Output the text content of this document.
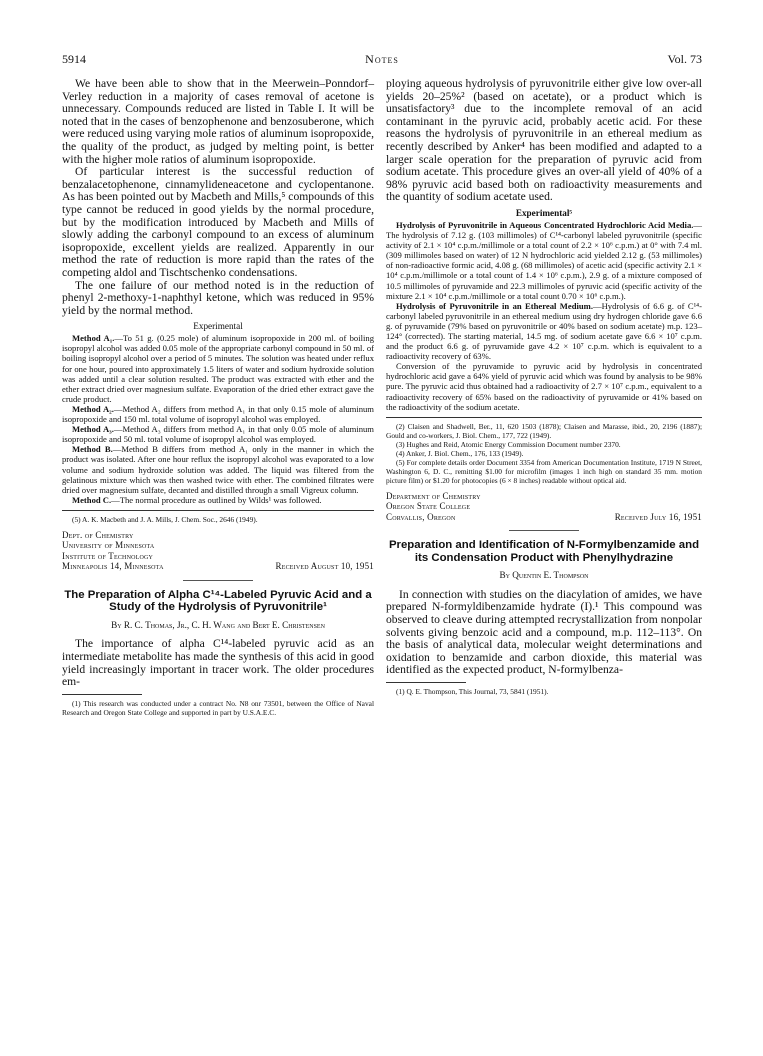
5914	Notes	Vol. 73

We have been able to show that in the Meerwein–Ponndorf–Verley reduction in a majority of cases removal of acetone is unnecessary. Compounds reduced are listed in Table I. It will be noted that in the cases of benzophenone and benzosuberone, which were reduced using varying mole ratios of aluminum isopropoxide, the quality of the product, as judged by melting point, is better with the higher mole ratios of aluminum isopropoxide.

Of particular interest is the successful reduction of benzalacetophenone, cinnamylideneacetone and cyclopentanone. As has been pointed out by Macbeth and Mills,⁵ compounds of this type cannot be reduced in good yields by the normal procedure, but by the modification introduced by Macbeth and Mills of slowly adding the carbonyl compound to an excess of aluminum isopropoxide, excellent yields are realized. Apparently in our method the rate of reduction is more rapid than the rates of the competing aldol and Tischtschenko condensations.

The one failure of our method noted is in the reduction of phenyl 2-methoxy-1-naphthyl ketone, which was reduced in 95% yield by the normal method.

Experimental

Method A₁.—To 51 g. (0.25 mole) of aluminum isopropoxide in 200 ml. of boiling isopropyl alcohol was added 0.05 mole of the appropriate carbonyl compound in 50 ml. of boiling isopropyl alcohol over a period of 5 minutes. The solution was heated under reflux for one hour, poured into approximately 1.5 liters of water and sodium hydroxide solution was added until a clear solution resulted. The product was extracted with ether and the ether extract dried over magnesium sulfate. Evaporation of the dried ether extract gave the crude product.

Method A₂.—Method A₂ differs from method A₁ in that only 0.15 mole of aluminum isopropoxide and 150 ml. total volume of isopropyl alcohol was employed.

Method A₃.—Method A₃ differs from method A₁ in that only 0.05 mole of aluminum isopropoxide and 50 ml. total volume of isopropyl alcohol was employed.

Method B.—Method B differs from method A₁ only in the manner in which the product was isolated. After one hour reflux the isopropyl alcohol was evaporated to a low volume and sodium hydroxide solution was added. The liquid was filtered from the gelatinous mixture which was then washed twice with ether. The combined filtrates were dried over magnesium sulfate, decanted and distilled through a small Vigreux column.

Method C.—The normal procedure as outlined by Wilds¹ was followed.

(5) A. K. Macbeth and J. A. Mills, J. Chem. Soc., 2646 (1949).

Dept. of Chemistry
University of Minnesota
Institute of Technology
Minneapolis 14, Minnesota	Received August 10, 1951
The Preparation of Alpha C¹⁴-Labeled Pyruvic Acid and a Study of the Hydrolysis of Pyruvonitrile¹
By R. C. Thomas, Jr., C. H. Wang and Bert E. Christensen

The importance of alpha C¹⁴-labeled pyruvic acid as an intermediate metabolite has made the synthesis of this acid in good yield increasingly important in tracer work. The older procedures em-

(1) This research was conducted under a contract No. N8 onr 73501, between the Office of Naval Research and Oregon State College and supported in part by U.S.A.E.C.

ploying aqueous hydrolysis of pyruvonitrile either give low over-all yields 20–25%² (based on acetate), or a product which is unsatisfactory³ due to the incomplete removal of an acid contaminant in the pyruvic acid, probably acetic acid. For these reasons the hydrolysis of pyruvonitrile in an ethereal medium as recently described by Anker⁴ has been modified and adapted to a larger scale operation for the preparation of pyruvic acid from sodium acetate. This procedure gives an over-all yield of 40% of a 98% pyruvic acid based both on radioactivity measurements and the quantity of sodium acetate used.

Experimental⁵

Hydrolysis of Pyruvonitrile in Aqueous Concentrated Hydrochloric Acid Media.—The hydrolysis of 7.12 g. (103 millimoles) of C¹⁴-carbonyl labeled pyruvonitrile (specific activity of 2.1 × 10⁴ c.p.m./millimole or a total count of 2.2 × 10⁶ c.p.m.) at 0° with 7.4 ml. (309 millimoles based on water) of 12 N hydrochloric acid yielded 2.12 g. (53 millimoles) of non-radioactive formic acid, 4.08 g. (68 millimoles) of acetic acid (specific activity 2.1 × 10⁴ c.p.m./millimole or a total count of 1.4 × 10⁶ c.p.m.), 2.9 g. of a mixture composed of 10.5 millimoles of pyruvamide and 22.3 millimoles of pyruvic acid (specific activity of the mixture 2.1 × 10⁴ c.p.m./millimole or a total count 0.70 × 10⁶ c.p.m.).

Hydrolysis of Pyruvonitrile in an Ethereal Medium.—Hydrolysis of 6.6 g. of C¹⁴-carbonyl labeled pyruvonitrile in an ethereal medium using dry hydrogen chloride gave 6.6 g. of pyruvamide (79% based on pyruvonitrile or 40% based on sodium acetate) m.p. 123–124° (corrected). The starting material, 14.5 mg. of sodium acetate gave 6.6 × 10⁷ c.p.m. and the product 6.6 g. of pyruvamide gave 4.2 × 10⁷ c.p.m. which is equivalent to a radioactivity recovery of 63%.

Conversion of the pyruvamide to pyruvic acid by hydrolysis in concentrated hydrochloric acid gave a 64% yield of pyruvic acid which was found by analysis to be 98% pure. The pyruvic acid thus obtained had a radioactivity of 2.7 × 10⁷ c.p.m., equivalent to a radioactivity recovery of 65% based on the radioactivity of pyruvamide or 41% based on the radioactivity of the sodium acetate.

(2) Claisen and Shadwell, Ber., 11, 620 1503 (1878); Claisen and Marasse, ibid., 20, 2196 (1887); Gould and co-workers, J. Biol. Chem., 177, 722 (1949).

(3) Hughes and Reid, Atomic Energy Commission Document number 2370.

(4) Anker, J. Biol. Chem., 176, 133 (1949).

(5) For complete details order Document 3354 from American Documentation Institute, 1719 N Street, Washington 6, D. C., remitting $1.00 for microfilm (images 1 inch high on standard 35 mm. motion picture film) or $1.20 for photocopies (6 × 8 inches) readable without optical aid.

Department of Chemistry
Oregon State College
Corvallis, Oregon	Received July 16, 1951
Preparation and Identification of N-Formylbenzamide and its Condensation Product with Phenylhydrazine
By Quentin E. Thompson

In connection with studies on the diacylation of amides, we have prepared N-formyldibenzamide hydrate (I).¹ This compound was observed to cleave during attempted recrystallization from nonpolar solvents giving benzoic acid and a compound, m.p. 112–113°. On the basis of analytical data, molecular weight determinations and oxidation to benzamide and carbon dioxide, this material was identified as the expected product, N-formylbenza-

(1) Q. E. Thompson, This Journal, 73, 5841 (1951).
